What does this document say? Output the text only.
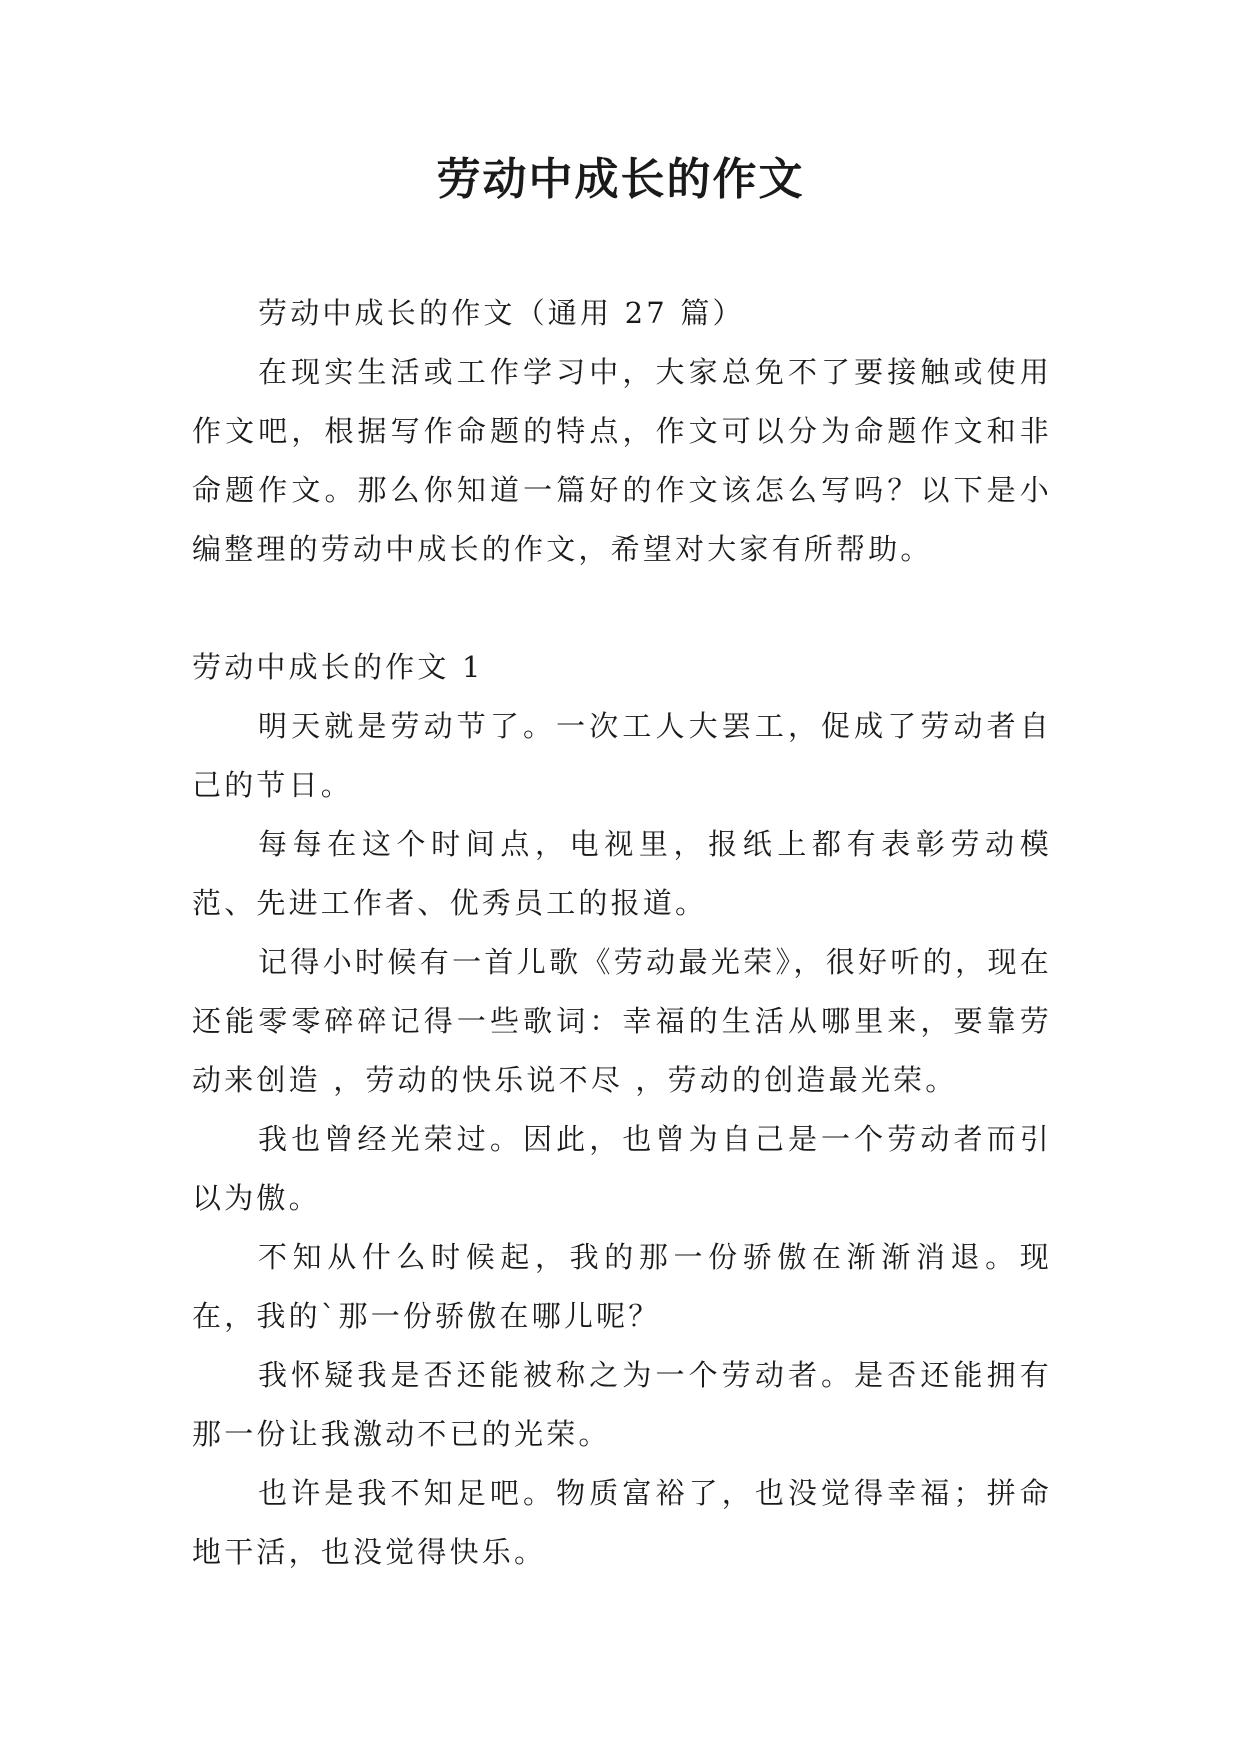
劳动中成长的作文

劳动中成长的作文（通用 27 篇）

在现实生活或工作学习中，大家总免不了要接触或使用作文吧，根据写作命题的特点，作文可以分为命题作文和非命题作文。那么你知道一篇好的作文该怎么写吗？以下是小编整理的劳动中成长的作文，希望对大家有所帮助。

劳动中成长的作文 1

明天就是劳动节了。一次工人大罢工，促成了劳动者自己的节日。

每每在这个时间点，电视里，报纸上都有表彰劳动模范、先进工作者、优秀员工的报道。

记得小时候有一首儿歌《劳动最光荣》，很好听的，现在还能零零碎碎记得一些歌词：幸福的生活从哪里来，要靠劳动来创造 ，劳动的快乐说不尽 ，劳动的创造最光荣。

我也曾经光荣过。因此，也曾为自己是一个劳动者而引以为傲。

不知从什么时候起，我的那一份骄傲在渐渐消退。现在，我的`那一份骄傲在哪儿呢？

我怀疑我是否还能被称之为一个劳动者。是否还能拥有那一份让我激动不已的光荣。

也许是我不知足吧。物质富裕了，也没觉得幸福；拼命地干活，也没觉得快乐。
